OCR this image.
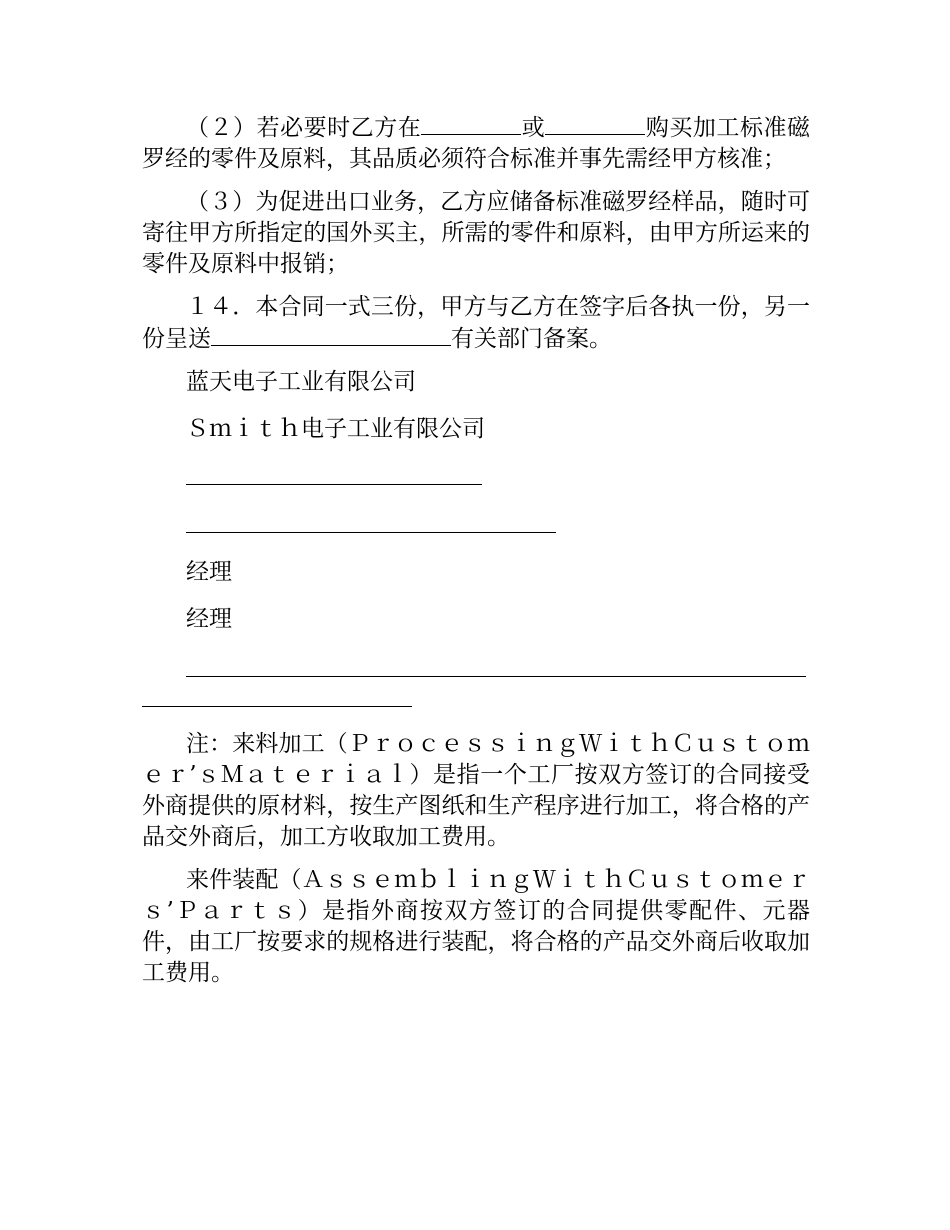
（２）若必要时乙方在	或	购买加工标准磁罗经的零件及原料，其品质必须符合标准并事先需经甲方核准；

（３）为促进出口业务，乙方应储备标准磁罗经样品，随时可寄往甲方所指定的国外买主，所需的零件和原料，由甲方所运来的零件及原料中报销；

１４．本合同一式三份，甲方与乙方在签字后各执一份，另一份呈送	有关部门备案。

蓝天电子工业有限公司
Ｓｍｉｔｈ电子工业有限公司
经理
经理

注：来料加工（ＰｒｏｃｅｓｓｉｎｇＷｉｔｈＣｕｓｔｏｍｅｒ’ｓＭａｔｅｒｉａｌ）是指一个工厂按双方签订的合同接受外商提供的原材料，按生产图纸和生产程序进行加工，将合格的产品交外商后，加工方收取加工费用。

来件装配（ＡｓｓｅｍｂｌｉｎｇＷｉｔｈＣｕｓｔｏｍｅｒｓ’Ｐａｒｔｓ）是指外商按双方签订的合同提供零配件、元器件，由工厂按要求的规格进行装配，将合格的产品交外商后收取加工费用。
